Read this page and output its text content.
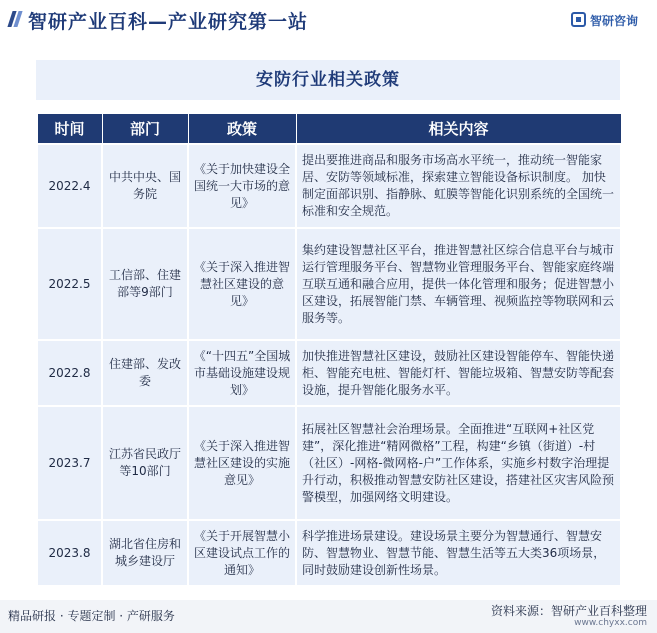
智研产业百科—产业研究第一站	智研咨询
安防行业相关政策
时间	部门	政策	相关内容
2022.4	中共中央、国务院	《关于加快建设全国统一大市场的意见》	提出要推进商品和服务市场高水平统一，推动统一智能家居、安防等领域标准，探索建立智能设备标识制度。 加快制定面部识别、指静脉、虹膜等智能化识别系统的全国统一标准和安全规范。
2022.5	工信部、住建部等9部门	《关于深入推进智慧社区建设的意见》	集约建设智慧社区平台，推进智慧社区综合信息平台与城市运行管理服务平台、智慧物业管理服务平台、智能家庭终端互联互通和融合应用，提供一体化管理和服务；促进智慧小区建设，拓展智能门禁、车辆管理、视频监控等物联网和云服务等。
2022.8	住建部、发改委	《“十四五”全国城市基础设施建设规划》	加快推进智慧社区建设，鼓励社区建设智能停车、智能快递柜、智能充电桩、智能灯杆、智能垃圾箱、智慧安防等配套设施，提升智能化服务水平。
2023.7	江苏省民政厅等10部门	《关于深入推进智慧社区建设的实施意见》	拓展社区智慧社会治理场景。全面推进“互联网+社区党建”，深化推进“精网微格”工程，构建“乡镇（街道）-村（社区）-网格-微网格-户”工作体系，实施乡村数字治理提升行动，积极推动智慧安防社区建设，搭建社区灾害风险预警模型，加强网络文明建设。
2023.8	湖北省住房和城乡建设厅	《关于开展智慧小区建设试点工作的通知》	科学推进场景建设。建设场景主要分为智慧通行、智慧安防、智慧物业、智慧节能、智慧生活等五大类36项场景，同时鼓励建设创新性场景。
精品研报 · 专题定制 · 产研服务	资料来源：智研产业百科整理
www.chyxx.com
